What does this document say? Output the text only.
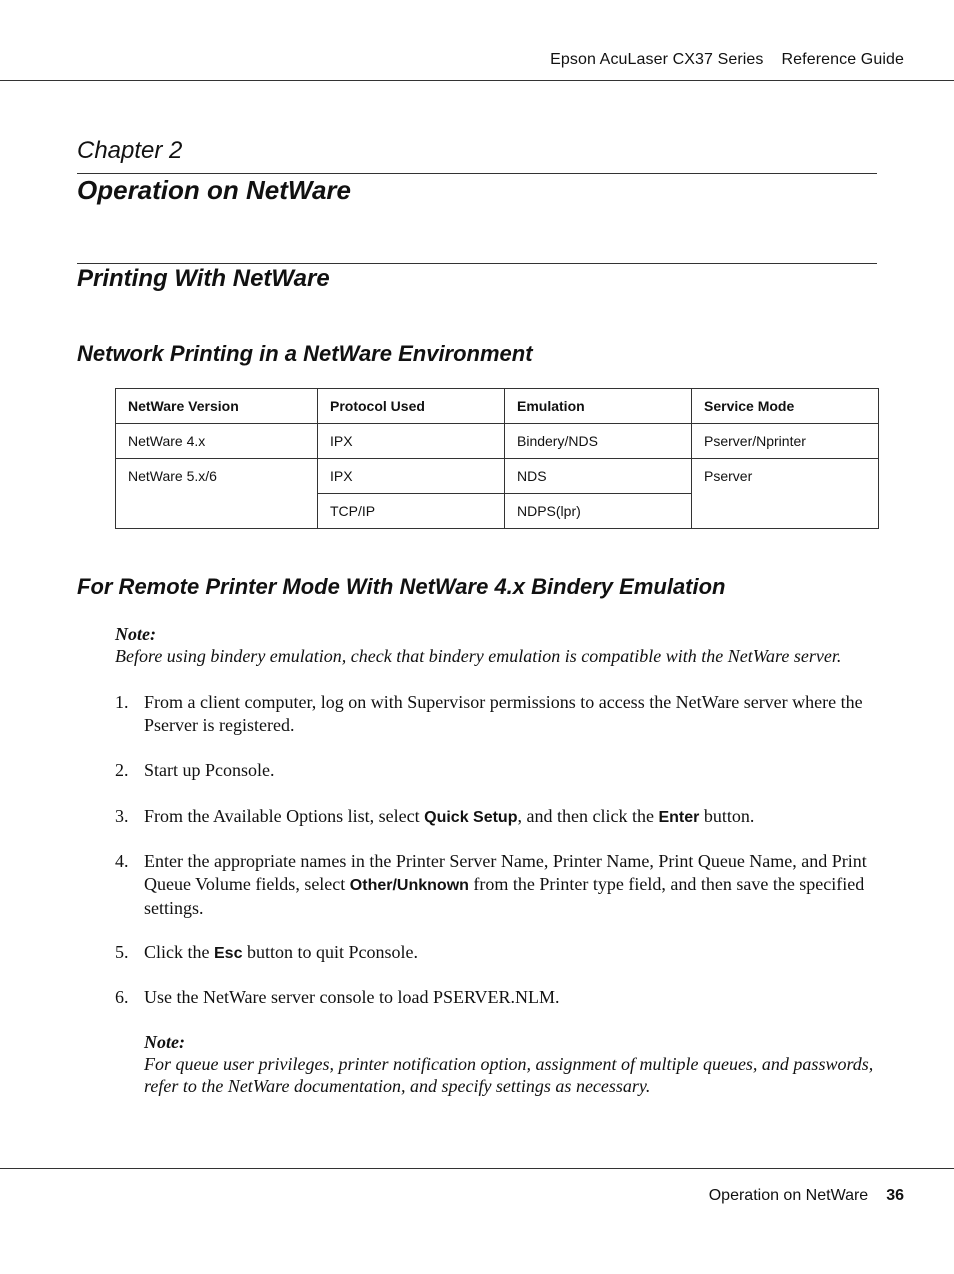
Epson AcuLaser CX37 Series Reference Guide
Chapter 2
Operation on NetWare
Printing With NetWare
Network Printing in a NetWare Environment
NetWare Version	Protocol Used	Emulation	Service Mode
NetWare 4.x	IPX	Bindery/NDS	Pserver/Nprinter
NetWare 5.x/6	IPX	NDS	Pserver
	TCP/IP	NDPS(lpr)	
For Remote Printer Mode With NetWare 4.x Bindery Emulation
Note:
Before using bindery emulation, check that bindery emulation is compatible with the NetWare server.
1. From a client computer, log on with Supervisor permissions to access the NetWare server where the Pserver is registered.
2. Start up Pconsole.
3. From the Available Options list, select Quick Setup, and then click the Enter button.
4. Enter the appropriate names in the Printer Server Name, Printer Name, Print Queue Name, and Print Queue Volume fields, select Other/Unknown from the Printer type field, and then save the specified settings.
5. Click the Esc button to quit Pconsole.
6. Use the NetWare server console to load PSERVER.NLM.
Note:
For queue user privileges, printer notification option, assignment of multiple queues, and passwords, refer to the NetWare documentation, and specify settings as necessary.
Operation on NetWare 36
